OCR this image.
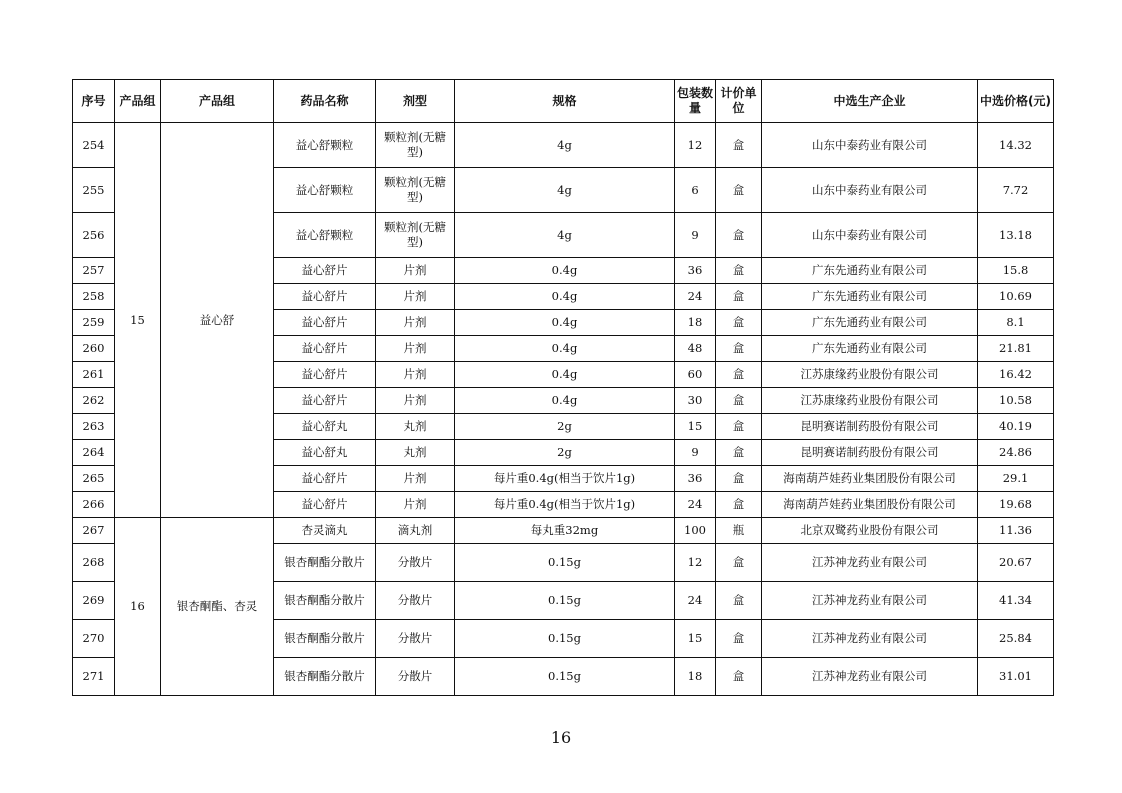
序号	产品组	产品组	药品名称	剂型	规格	包装数量	计价单位	中选生产企业	中选价格(元)
254	15	益心舒	益心舒颗粒	颗粒剂(无糖型)	4g	12	盒	山东中泰药业有限公司	14.32
255			益心舒颗粒	颗粒剂(无糖型)	4g	6	盒	山东中泰药业有限公司	7.72
256			益心舒颗粒	颗粒剂(无糖型)	4g	9	盒	山东中泰药业有限公司	13.18
257			益心舒片	片剂	0.4g	36	盒	广东先通药业有限公司	15.8
258			益心舒片	片剂	0.4g	24	盒	广东先通药业有限公司	10.69
259			益心舒片	片剂	0.4g	18	盒	广东先通药业有限公司	8.1
260			益心舒片	片剂	0.4g	48	盒	广东先通药业有限公司	21.81
261			益心舒片	片剂	0.4g	60	盒	江苏康缘药业股份有限公司	16.42
262			益心舒片	片剂	0.4g	30	盒	江苏康缘药业股份有限公司	10.58
263			益心舒丸	丸剂	2g	15	盒	昆明赛诺制药股份有限公司	40.19
264			益心舒丸	丸剂	2g	9	盒	昆明赛诺制药股份有限公司	24.86
265			益心舒片	片剂	每片重0.4g(相当于饮片1g)	36	盒	海南葫芦娃药业集团股份有限公司	29.1
266			益心舒片	片剂	每片重0.4g(相当于饮片1g)	24	盒	海南葫芦娃药业集团股份有限公司	19.68
267	16	银杏酮酯、杏灵	杏灵滴丸	滴丸剂	每丸重32mg	100	瓶	北京双鹭药业股份有限公司	11.36
268			银杏酮酯分散片	分散片	0.15g	12	盒	江苏神龙药业有限公司	20.67
269			银杏酮酯分散片	分散片	0.15g	24	盒	江苏神龙药业有限公司	41.34
270			银杏酮酯分散片	分散片	0.15g	15	盒	江苏神龙药业有限公司	25.84
271			银杏酮酯分散片	分散片	0.15g	18	盒	江苏神龙药业有限公司	31.01
16
